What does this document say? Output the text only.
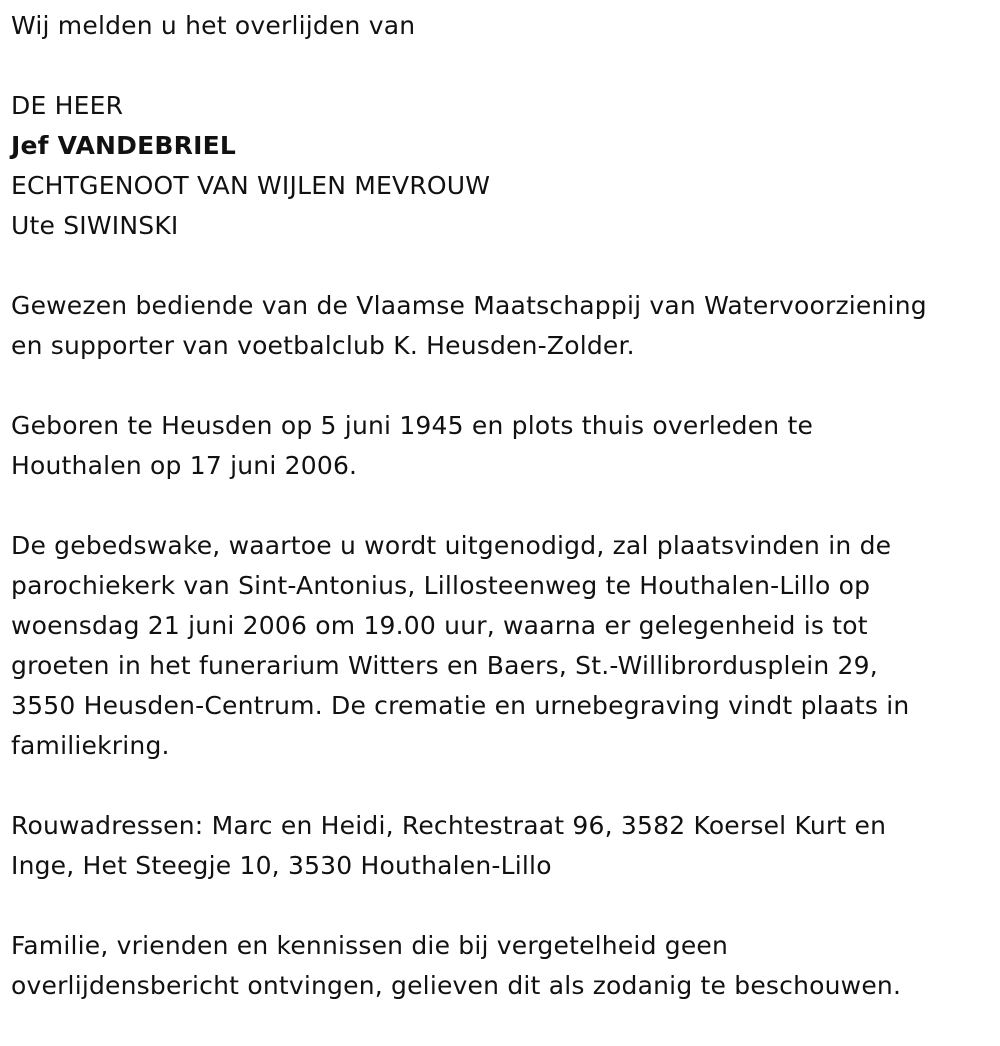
Wij melden u het overlijden van

DE HEER

Jef VANDEBRIEL

ECHTGENOOT VAN WIJLEN MEVROUW

Ute SIWINSKI

Gewezen bediende van de Vlaamse Maatschappij van Watervoorziening

en supporter van voetbalclub K. Heusden-Zolder.

Geboren te Heusden op 5 juni 1945 en plots thuis overleden te

Houthalen op 17 juni 2006.

De gebedswake, waartoe u wordt uitgenodigd, zal plaatsvinden in de

parochiekerk van Sint-Antonius, Lillosteenweg te Houthalen-Lillo op

woensdag 21 juni 2006 om 19.00 uur, waarna er gelegenheid is tot

groeten in het funerarium Witters en Baers, St.-Willibrordusplein 29,

3550 Heusden-Centrum. De crematie en urnebegraving vindt plaats in

familiekring.

Rouwadressen: Marc en Heidi, Rechtestraat 96, 3582 Koersel Kurt en

Inge, Het Steegje 10, 3530 Houthalen-Lillo

Familie, vrienden en kennissen die bij vergetelheid geen

overlijdensbericht ontvingen, gelieven dit als zodanig te beschouwen.
